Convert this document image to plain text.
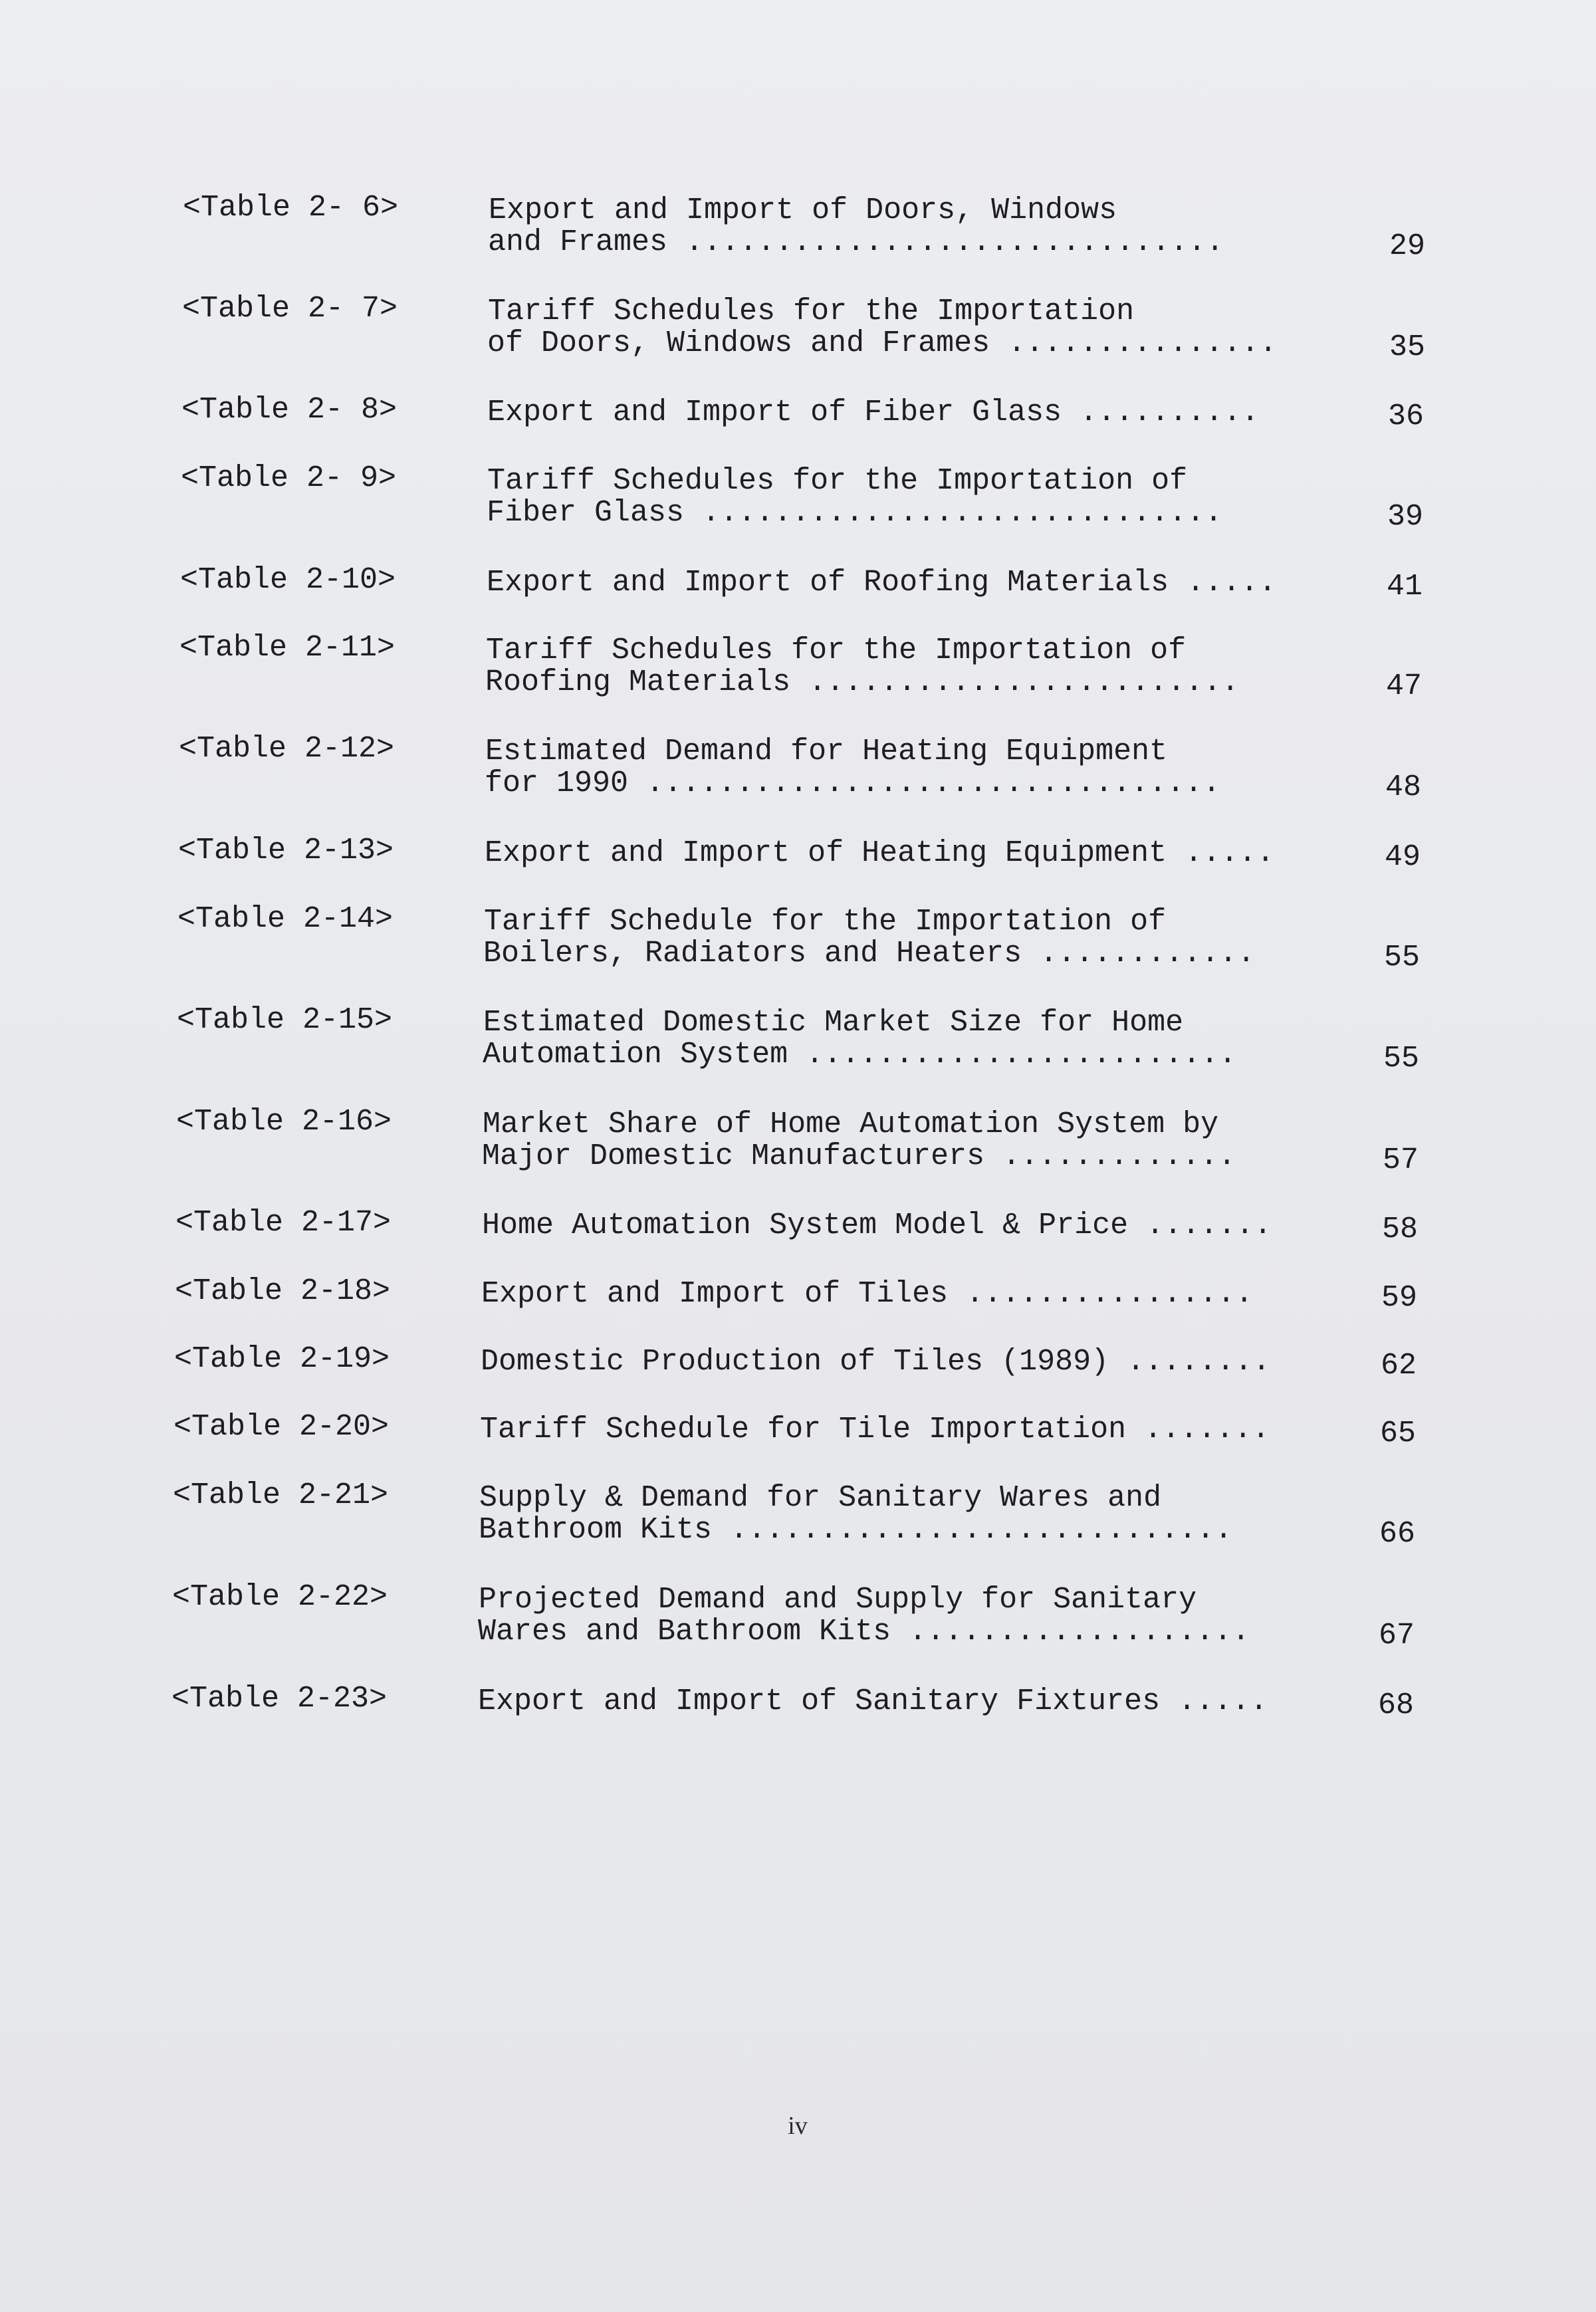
<Table 2- 6>	Export and Import of Doors, Windows
and Frames ..............................	29
<Table 2- 7>	Tariff Schedules for the Importation
of Doors, Windows and Frames ...............	35
<Table 2- 8>	Export and Import of Fiber Glass ..........	36
<Table 2- 9>	Tariff Schedules for the Importation of
Fiber Glass .............................	39
<Table 2-10>	Export and Import of Roofing Materials .....	41
<Table 2-11>	Tariff Schedules for the Importation of
Roofing Materials ........................	47
<Table 2-12>	Estimated Demand for Heating Equipment
for 1990 ................................	48
<Table 2-13>	Export and Import of Heating Equipment .....	49
<Table 2-14>	Tariff Schedule for the Importation of
Boilers, Radiators and Heaters ............	55
<Table 2-15>	Estimated Domestic Market Size for Home
Automation System ........................	55
<Table 2-16>	Market Share of Home Automation System by
Major Domestic Manufacturers .............	57
<Table 2-17>	Home Automation System Model & Price .......	58
<Table 2-18>	Export and Import of Tiles ................	59
<Table 2-19>	Domestic Production of Tiles (1989) ........	62
<Table 2-20>	Tariff Schedule for Tile Importation .......	65
<Table 2-21>	Supply & Demand for Sanitary Wares and
Bathroom Kits ............................	66
<Table 2-22>	Projected Demand and Supply for Sanitary
Wares and Bathroom Kits ...................	67
<Table 2-23>	Export and Import of Sanitary Fixtures .....	68
iv
